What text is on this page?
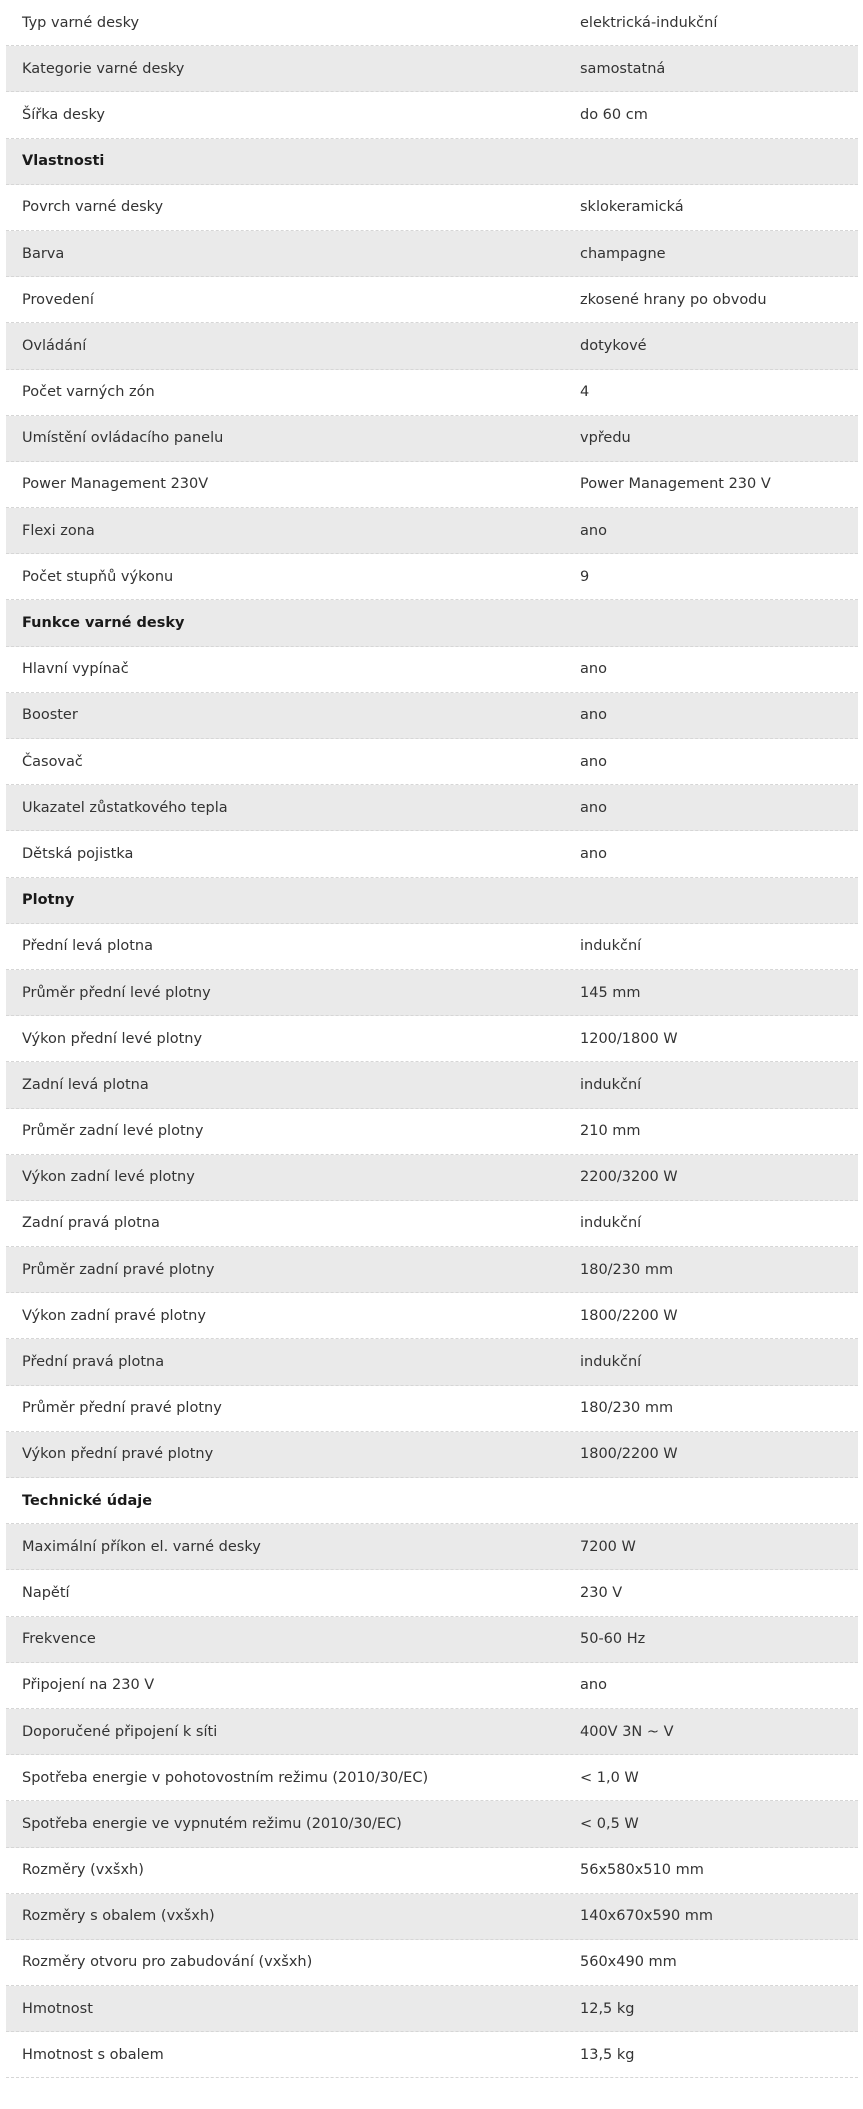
Typ varné desky	elektrická-indukční
Kategorie varné desky	samostatná
Šířka desky	do 60 cm
Vlastnosti
Povrch varné desky	sklokeramická
Barva	champagne
Provedení	zkosené hrany po obvodu
Ovládání	dotykové
Počet varných zón	4
Umístění ovládacího panelu	vpředu
Power Management 230V	Power Management 230 V
Flexi zona	ano
Počet stupňů výkonu	9
Funkce varné desky
Hlavní vypínač	ano
Booster	ano
Časovač	ano
Ukazatel zůstatkového tepla	ano
Dětská pojistka	ano
Plotny
Přední levá plotna	indukční
Průměr přední levé plotny	145 mm
Výkon přední levé plotny	1200/1800 W
Zadní levá plotna	indukční
Průměr zadní levé plotny	210 mm
Výkon zadní levé plotny	2200/3200 W
Zadní pravá plotna	indukční
Průměr zadní pravé plotny	180/230 mm
Výkon zadní pravé plotny	1800/2200 W
Přední pravá plotna	indukční
Průměr přední pravé plotny	180/230 mm
Výkon přední pravé plotny	1800/2200 W
Technické údaje
Maximální příkon el. varné desky	7200 W
Napětí	230 V
Frekvence	50-60 Hz
Připojení na 230 V	ano
Doporučené připojení k síti	400V 3N ~ V
Spotřeba energie v pohotovostním režimu (2010/30/EC)	< 1,0 W
Spotřeba energie ve vypnutém režimu (2010/30/EC)	< 0,5 W
Rozměry (vxšxh)	56x580x510 mm
Rozměry s obalem (vxšxh)	140x670x590 mm
Rozměry otvoru pro zabudování (vxšxh)	560x490 mm
Hmotnost	12,5 kg
Hmotnost s obalem	13,5 kg
